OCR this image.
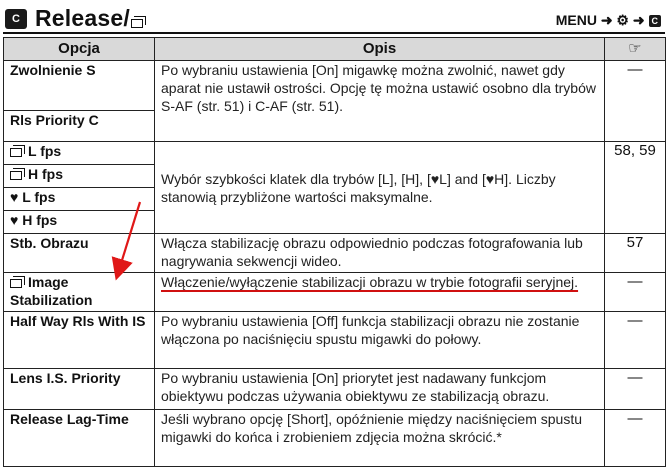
C Release/	MENU ➜ ⚙ ➜ C
Opcja	Opis	☞
Zwolnienie S	Po wybraniu ustawienia [On] migawkę można zwolnić, nawet gdy aparat nie ustawił ostrości. Opcję tę można ustawić osobno dla trybów S-AF (str. 51) i C-AF (str. 51).	—
Rls Priority C		
L fps	Wybór szybkości klatek dla trybów [L], [H], [♥L] and [♥H]. Liczby stanowią przybliżone wartości maksymalne.	58, 59
H fps		
♥ L fps		
♥ H fps		
Stb. Obrazu	Włącza stabilizację obrazu odpowiednio podczas fotografowania lub nagrywania sekwencji wideo.	57
Image Stabilization	Włączenie/wyłączenie stabilizacji obrazu w trybie fotografii seryjnej.	—
Half Way Rls With IS	Po wybraniu ustawienia [Off] funkcja stabilizacji obrazu nie zostanie włączona po naciśnięciu spustu migawki do połowy.	—
Lens I.S. Priority	Po wybraniu ustawienia [On] priorytet jest nadawany funkcjom obiektywu podczas używania obiektywu ze stabilizacją obrazu.	—
Release Lag-Time	Jeśli wybrano opcję [Short], opóźnienie między naciśnięciem spustu migawki do końca i zrobieniem zdjęcia można skrócić.*	—
